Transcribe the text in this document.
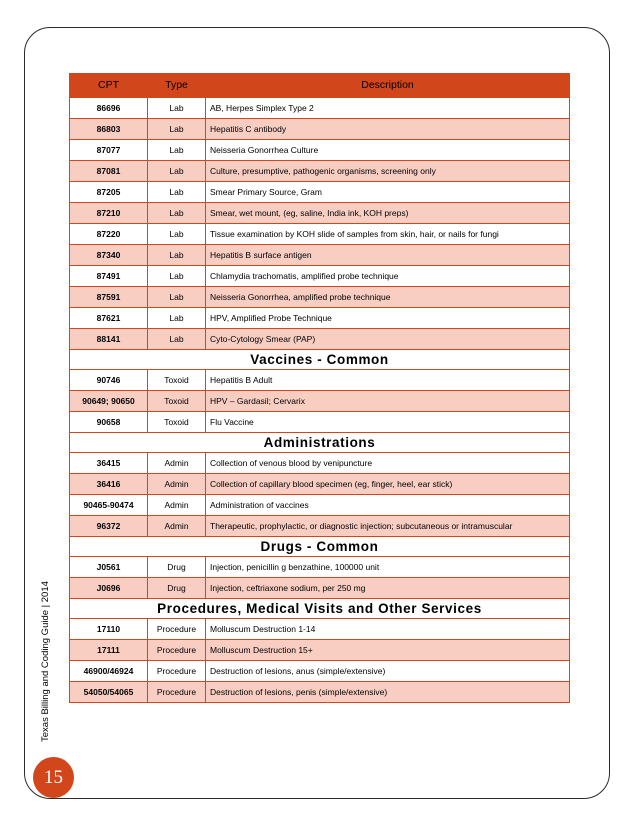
Texas Billing and Coding Guide | 2014
CPT	Type	Description
86696	Lab	AB, Herpes Simplex Type 2
86803	Lab	Hepatitis C antibody
87077	Lab	Neisseria Gonorrhea Culture
87081	Lab	Culture, presumptive, pathogenic organisms, screening only
87205	Lab	Smear Primary Source, Gram
87210	Lab	Smear, wet mount, (eg, saline, India ink, KOH preps)
87220	Lab	Tissue examination by KOH slide of samples from skin, hair, or nails for fungi
87340	Lab	Hepatitis B surface antigen
87491	Lab	Chlamydia trachomatis, amplified probe technique
87591	Lab	Neisseria Gonorrhea, amplified probe technique
87621	Lab	HPV, Amplified Probe Technique
88141	Lab	Cyto-Cytology Smear (PAP)
Vaccines - Common		
90746	Toxoid	Hepatitis B Adult
90649; 90650	Toxoid	HPV – Gardasil; Cervarix
90658	Toxoid	Flu Vaccine
Administrations		
36415	Admin	Collection of venous blood by venipuncture
36416	Admin	Collection of capillary blood specimen (eg, finger, heel, ear stick)
90465-90474	Admin	Administration of vaccines
96372	Admin	Therapeutic, prophylactic, or diagnostic injection; subcutaneous or intramuscular
Drugs - Common		
J0561	Drug	Injection, penicillin g benzathine, 100000 unit
J0696	Drug	Injection, ceftriaxone sodium, per 250 mg
Procedures, Medical Visits and Other Services		
17110	Procedure	Molluscum Destruction 1-14
17111	Procedure	Molluscum Destruction 15+
46900/46924	Procedure	Destruction of lesions, anus (simple/extensive)
54050/54065	Procedure	Destruction of lesions, penis (simple/extensive)
15
